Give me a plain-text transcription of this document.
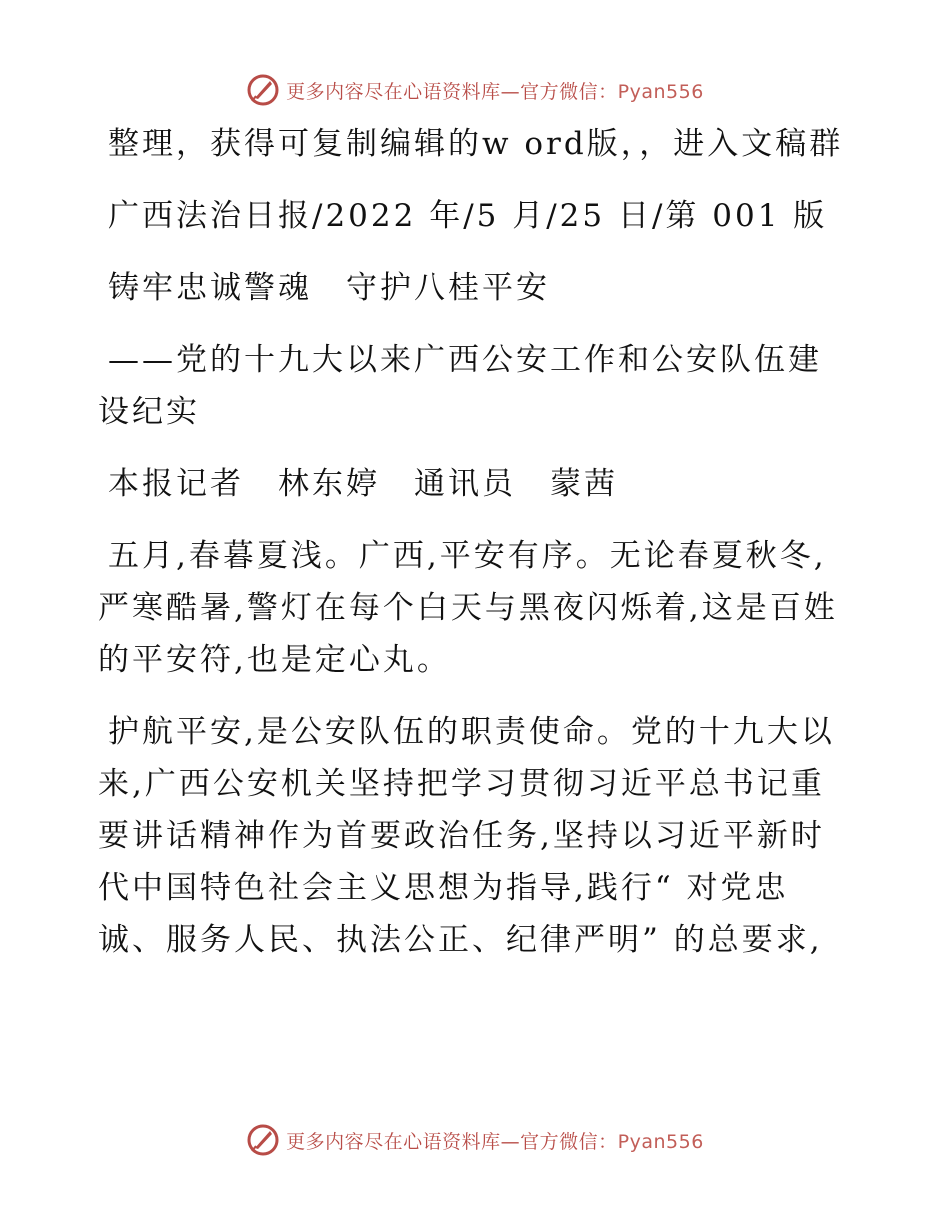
更多内容尽在心语资料库—官方微信：Pyan556

整理，获得可复制编辑的w ord版，，进入文稿群

广西法治日报/2022 年/5 月/25 日/第 001 版

铸牢忠诚警魂　守护八桂平安

——党的十九大以来广西公安工作和公安队伍建设纪实

本报记者　林东婷　通讯员　蒙茜

五月,春暮夏浅。广西,平安有序。无论春夏秋冬,严寒酷暑,警灯在每个白天与黑夜闪烁着,这是百姓的平安符,也是定心丸。

护航平安,是公安队伍的职责使命。党的十九大以来,广西公安机关坚持把学习贯彻习近平总书记重要讲话精神作为首要政治任务,坚持以习近平新时代中国特色社会主义思想为指导,践行“ 对党忠诚、服务人民、执法公正、纪律严明” 的总要求,

更多内容尽在心语资料库—官方微信：Pyan556
